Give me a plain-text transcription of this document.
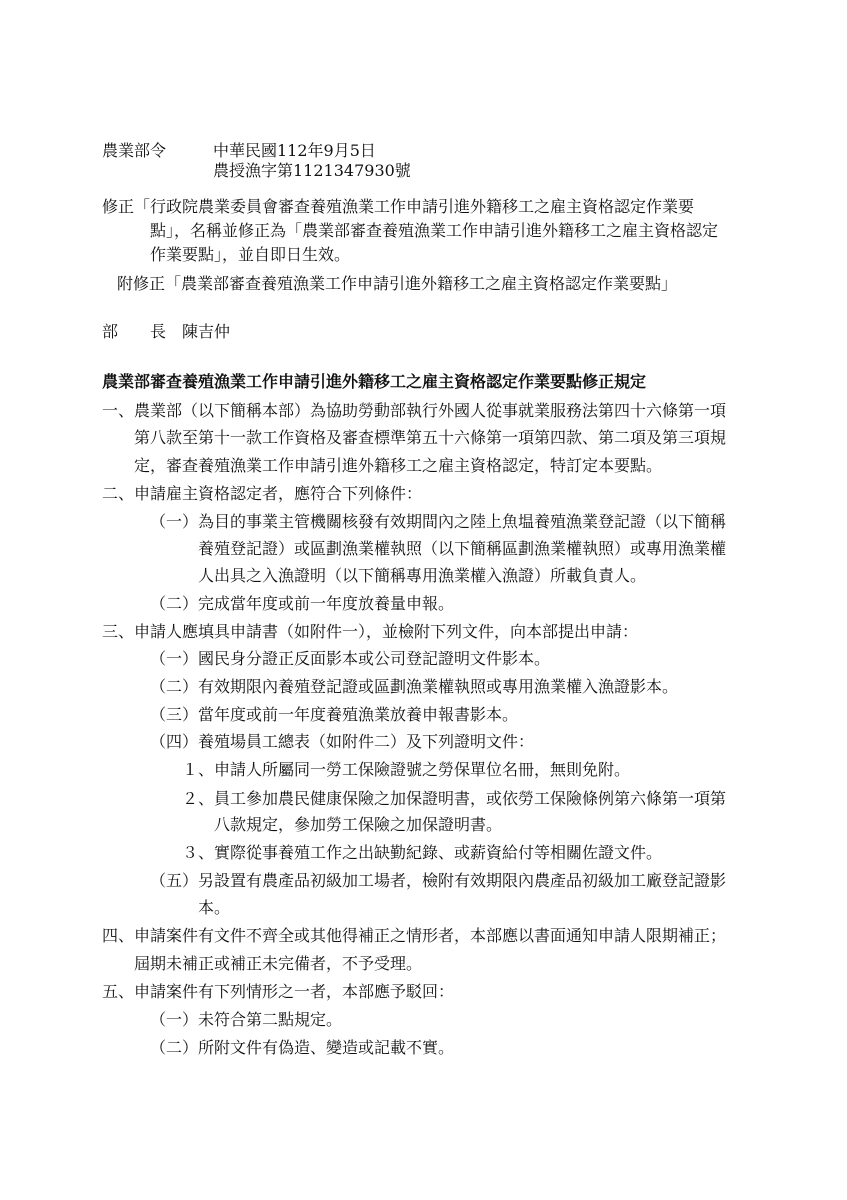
農業部令	中華民國112年9月5日
農授漁字第1121347930號
修正「行政院農業委員會審查養殖漁業工作申請引進外籍移工之雇主資格認定作業要
點」，名稱並修正為「農業部審查養殖漁業工作申請引進外籍移工之雇主資格認定
作業要點」，並自即日生效。
附修正「農業部審查養殖漁業工作申請引進外籍移工之雇主資格認定作業要點」
部　　長 陳吉仲
農業部審查養殖漁業工作申請引進外籍移工之雇主資格認定作業要點修正規定
一、農業部（以下簡稱本部）為協助勞動部執行外國人從事就業服務法第四十六條第一項
第八款至第十一款工作資格及審查標準第五十六條第一項第四款、第二項及第三項規
定，審查養殖漁業工作申請引進外籍移工之雇主資格認定，特訂定本要點。
二、申請雇主資格認定者，應符合下列條件：
（一）為目的事業主管機關核發有效期間內之陸上魚塭養殖漁業登記證（以下簡稱
養殖登記證）或區劃漁業權執照（以下簡稱區劃漁業權執照）或專用漁業權
人出具之入漁證明（以下簡稱專用漁業權入漁證）所載負責人。
（二）完成當年度或前一年度放養量申報。
三、申請人應填具申請書（如附件一），並檢附下列文件，向本部提出申請：
（一）國民身分證正反面影本或公司登記證明文件影本。
（二）有效期限內養殖登記證或區劃漁業權執照或專用漁業權入漁證影本。
（三）當年度或前一年度養殖漁業放養申報書影本。
（四）養殖場員工總表（如附件二）及下列證明文件：
１、申請人所屬同一勞工保險證號之勞保單位名冊，無則免附。
２、員工參加農民健康保險之加保證明書，或依勞工保險條例第六條第一項第
八款規定，參加勞工保險之加保證明書。
３、實際從事養殖工作之出缺勤紀錄、或薪資給付等相關佐證文件。
（五）另設置有農產品初級加工場者，檢附有效期限內農產品初級加工廠登記證影
本。
四、申請案件有文件不齊全或其他得補正之情形者，本部應以書面通知申請人限期補正；
屆期未補正或補正未完備者，不予受理。
五、申請案件有下列情形之一者，本部應予駁回：
（一）未符合第二點規定。
（二）所附文件有偽造、變造或記載不實。
